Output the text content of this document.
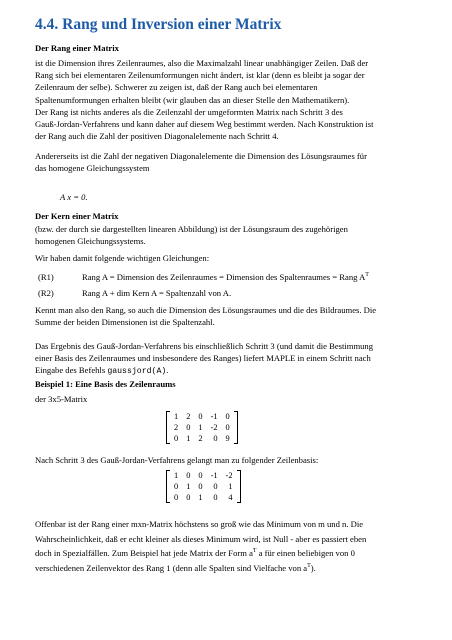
4.4. Rang und Inversion einer Matrix
Der Rang einer Matrix
ist die Dimension ihres Zeilenraumes, also die Maximalzahl linear unabhängiger Zeilen. Daß der
Rang sich bei elementaren Zeilenumformungen nicht ändert, ist klar (denn es bleibt ja sogar der
Zeilenraum der selbe). Schwerer zu zeigen ist, daß der Rang auch bei elementaren
Spaltenumformungen erhalten bleibt (wir glauben das an dieser Stelle den Mathematikern).
Der Rang ist nichts anderes als die Zeilenzahl der umgeformten Matrix nach Schritt 3 des
Gauß-Jordan-Verfahrens und kann daher auf diesem Weg bestimmt werden. Nach Konstruktion ist
der Rang auch die Zahl der positiven Diagonalelemente nach Schritt 4.
Andererseits ist die Zahl der negativen Diagonalelemente die Dimension des Lösungsraumes für
das homogene Gleichungssystem
A x = 0.
Der Kern einer Matrix
(bzw. der durch sie dargestellten linearen Abbildung) ist der Lösungsraum des zugehörigen
homogenen Gleichungssystems.
Wir haben damit folgende wichtigen Gleichungen:
(R1)	Rang A = Dimension des Zeilenraumes = Dimension des Spaltenraumes = Rang $A^T$
(R2)	Rang A + dim Kern A = Spaltenzahl von A.
Kennt man also den Rang, so auch die Dimension des Lösungsraumes und die des Bildraumes. Die
Summe der beiden Dimensionen ist die Spaltenzahl.
Das Ergebnis des Gauß-Jordan-Verfahrens bis einschließlich Schritt 3 (und damit die Bestimmung
einer Basis des Zeilenraumes und insbesondere des Ranges) liefert MAPLE in einem Schritt nach
Eingabe des Befehls gaussjord(A).
Beispiel 1: Eine Basis des Zeilenraums
der 3x5-Matrix
1	2	0	-1	0
2	0	1	-2	0
0	1	2	0	9
Nach Schritt 3 des Gauß-Jordan-Verfahrens gelangt man zu folgender Zeilenbasis:
1	0	0	-1	-2
0	1	0	0	1
0	0	1	0	4
Offenbar ist der Rang einer mxn-Matrix höchstens so groß wie das Minimum von m und n. Die
Wahrscheinlichkeit, daß er echt kleiner als dieses Minimum wird, ist Null - aber es passiert eben
doch in Spezialfällen. Zum Beispiel hat jede Matrix der Form $a^T$ a für einen beliebigen von 0
verschiedenen Zeilenvektor des Rang 1 (denn alle Spalten sind Vielfache von $a^T$).
